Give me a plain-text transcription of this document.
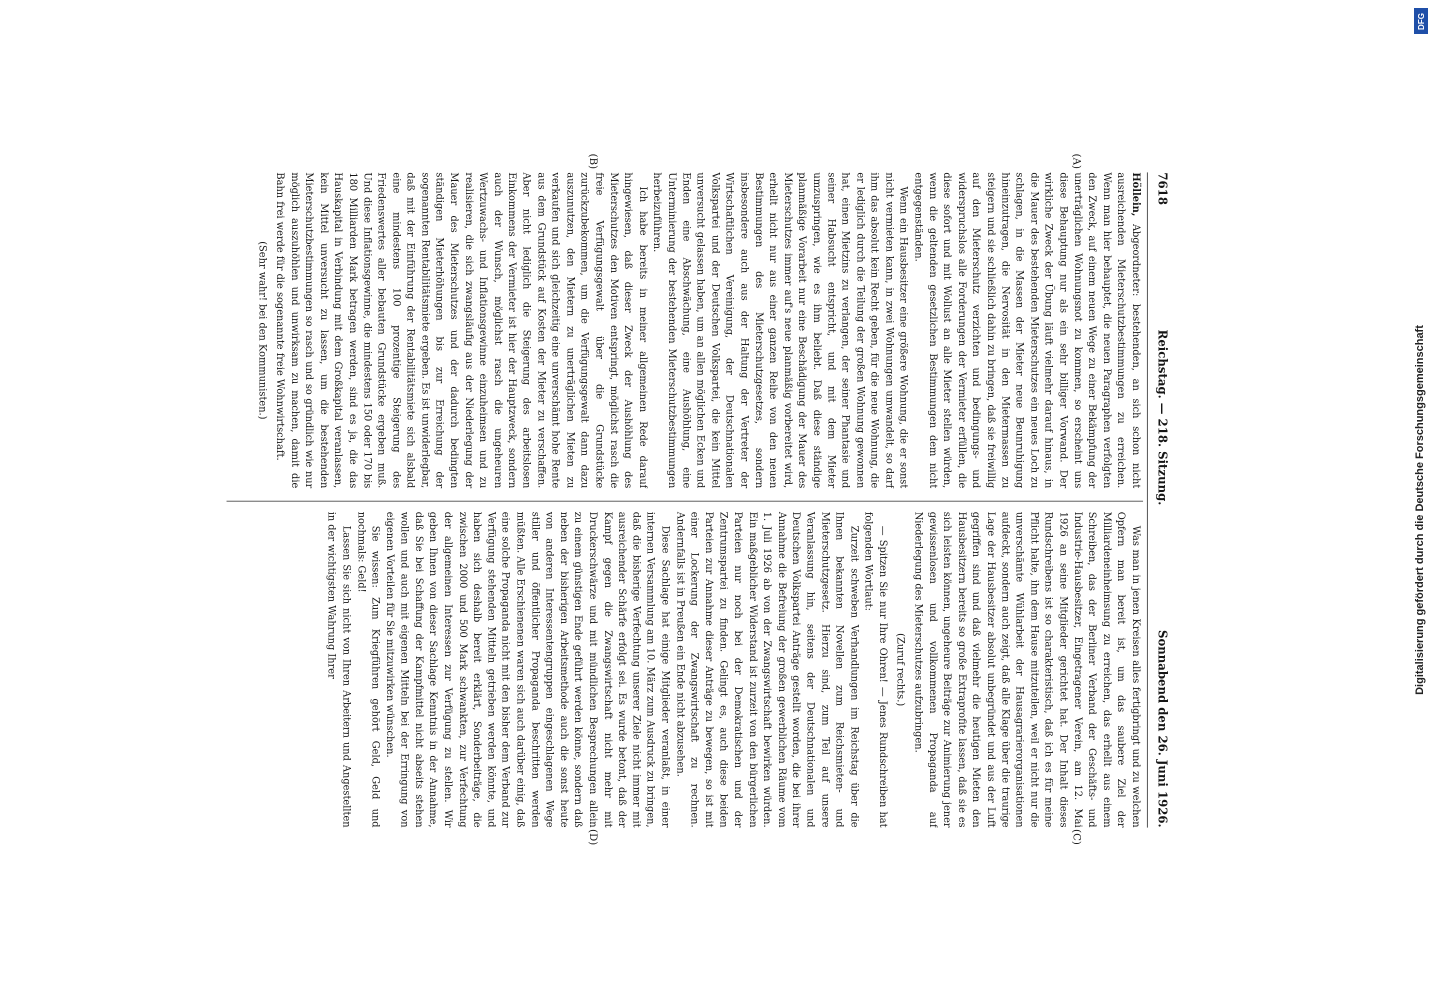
7618
Reichstag. — 218. Sitzung.
Sonnabend den 26. Juni 1926.
(A)
(B)
(C)
(D)

Höllein, Abgeordneter: bestehenden, an sich schon nicht ausreichenden Mieterschutzbestimmungen zu erreichen. Wenn man hier behauptet, die neuen Paragraphen verfolgten den Zweck, auf einem neuen Wege zu einer Bekämpfung der unerträglichen Wohnungsnot zu kommen, so erscheint uns diese Behauptung nur als ein sehr billiger Vorwand. Der wirkliche Zweck der Übung läuft vielmehr darauf hinaus, in die Mauer des bestehenden Mieterschutzes ein neues Loch zu schlagen, in die Massen der Mieter neue Beunruhigung hineinzutragen, die Nervosität in den Mietermassen zu steigern und sie schließlich dahin zu bringen, daß sie freiwillig auf den Mieterschutz verzichten und bedingungs- und widerspruchslos alle Forderungen der Vermieter erfüllen, die diese sofort und mit Wollust an alle Mieter stellen würden, wenn die geltenden gesetzlichen Bestimmungen dem nicht entgegenständen.

Wenn ein Hausbesitzer eine größere Wohnung, die er sonst nicht vermieten kann, in zwei Wohnungen umwandelt, so darf ihm das absolut kein Recht geben, für die neue Wohnung, die er lediglich durch die Teilung der großen Wohnung gewonnen hat, einen Mietzins zu verlangen, der seiner Phantasie und seiner Habsucht entspricht, und mit dem Mieter umzuspringen, wie es ihm beliebt. Daß diese ständige planmäßige Vorarbeit nur eine Beschädigung der Mauer des Mieterschutzes immer auf's neue planmäßig vorbereitet wird, erhellt nicht nur aus einer ganzen Reihe von den neuen Bestimmungen des Mieterschutzgesetzes, sondern insbesondere auch aus der Haltung der Vertreter der Wirtschaftlichen Vereinigung, der Deutschnationalen Volkspartei und der Deutschen Volkspartei, die kein Mittel unversucht gelassen haben, um an allen möglichen Ecken und Enden eine Abschwächung, eine Aushöhlung, eine Unterminierung der bestehenden Mieterschutzbestimmungen herbeizuführen.

Ich habe bereits in meiner allgemeinen Rede darauf hingewiesen, daß dieser Zweck der Aushöhlung des Mieterschutzes den Motiven entspringt, möglichst rasch die freie Verfügungsgewalt über die Grundstücke zurückzubekommen, um die Verfügungsgewalt dann dazu auszunutzen, den Mietern zu unerträglichen Mieten zu verkaufen und sich gleichzeitig eine unverschämt hohe Rente aus dem Grundstück auf Kosten der Mieter zu verschaffen. Aber nicht lediglich die Steigerung des arbeitslosen Einkommens der Vermieter ist hier der Hauptzweck, sondern auch der Wunsch, möglichst rasch die ungeheuren Wertzuwachs- und Inflationsgewinne einzuheimsen und zu realisieren, die sich zwangsläufig aus der Niederlegung der Mauer des Mieterschutzes und der dadurch bedingten ständigen Mieterhöhungen bis zur Erreichung der sogenannten Rentabilitätsmiete ergeben. Es ist unwiderlegbar, daß mit der Einführung der Rentabilitätsmiete sich alsbald eine mindestens 100 prozentige Steigerung des Friedenswertes aller bebauten Grundstücke ergeben muß. Und diese Inflationsgewinne, die mindestens 150 oder 170 bis 180 Milliarden Mark betragen werden, sind es ja, die das Hauskapital in Verbindung mit dem Großkapital veranlassen, kein Mittel unversucht zu lassen, um die bestehenden Mieterschutzbestimmungen so rasch und so gründlich wie nur möglich auszuhöhlen und unwirksam zu machen, damit die Bahn frei werde für die sogenannte freie Wohnwirtschaft.

(Sehr wahr! bei den Kommunisten.)

Was man in jenen Kreisen alles fertigbringt und zu welchen Opfern man bereit ist, um das saubere Ziel der Milliardeneinheimsung zu erreichen, das erhellt aus einem Schreiben, das der Berliner Verband der Geschäfts- und Industrie-Hausbesitzer, Eingetragener Verein, am 12. Mai 1926 an seine Mitglieder gerichtet hat. Der Inhalt dieses Rundschreibens ist so charakteristisch, daß ich es für meine Pflicht halte, ihn dem Hause mitzuteilen, weil er nicht nur die unverschämte Wühlarbeit der Hausagrarierorganisationen aufdeckt, sondern auch zeigt, daß alle Klage über die traurige Lage der Hausbesitzer absolut unbegründet und aus der Luft gegriffen sind und daß vielmehr die heutigen Mieten den Hausbesitzern bereits so große Extraprofite lassen, daß sie es sich leisten können, ungeheure Beiträge zur Animierung jener gewissenlosen und vollkommenen Propaganda auf Niederlegung des Mieterschutzes aufzubringen.

(Zuruf rechts.)

— Spitzen Sie nur Ihre Ohren! — Jenes Rundschreiben hat folgenden Wortlaut:

Zurzeit schweben Verhandlungen im Reichstag über die Ihnen bekannten Novellen zum Reichsmieten- und Mieterschutzgesetz. Hierzu sind, zum Teil auf unsere Veranlassung hin, seitens der Deutschnationalen und Deutschen Volkspartei Anträge gestellt worden, die bei ihrer Annahme die Befreiung der großen gewerblichen Räume vom 1. Juli 1926 ab von der Zwangswirtschaft bewirken würden. Ein maßgeblicher Widerstand ist zurzeit von den bürgerlichen Parteien nur noch bei der Demokratischen und der Zentrumspartei zu finden. Gelingt es, auch diese beiden Parteien zur Annahme dieser Anträge zu bewegen, so ist mit einer Lockerung der Zwangswirtschaft zu rechnen. Andernfalls ist in Preußen ein Ende nicht abzusehen.

Diese Sachlage hat einige Mitglieder veranlaßt, in einer internen Versammlung am 10. März zum Ausdruck zu bringen, daß die bisherige Verfechtung unserer Ziele nicht immer mit ausreichender Schärfe erfolgt sei. Es wurde betont, daß der Kampf gegen die Zwangswirtschaft nicht mehr mit Druckerschwärze und mit mündlichen Besprechungen allein zu einem günstigen Ende geführt werden könne, sondern daß neben der bisherigen Arbeitsmethode auch die sonst heute von anderen Interessentengruppen eingeschlagenen Wege stiller und öffentlicher Propaganda beschritten werden müßten. Alle Erschienenen waren sich auch darüber einig, daß eine solche Propaganda nicht mit den bisher dem Verband zur Verfügung stehenden Mitteln getrieben werden könnte, und haben sich deshalb bereit erklärt, Sonderbeiträge, die zwischen 2000 und 500 Mark schwankten, zur Verfechtung der allgemeinen Interessen zur Verfügung zu stellen. Wir geben Ihnen von dieser Sachlage Kenntnis in der Annahme, daß Sie bei Schaffung der Kampfmittel nicht abseits stehen wollen und auch mit eigenen Mitteln bei der Erringung von eigenen Vorteilen für Sie mitzuwirken wünschen.

Sie wissen: Zum Kriegführen gehört Geld, Geld und nochmals: Geld!

Lassen Sie sich nicht von Ihren Arbeitern und Angestellten in der wichtigsten Wahrung Ihrer

DFG
Digitalisierung gefördert durch die Deutsche Forschungsgemeinschaft
